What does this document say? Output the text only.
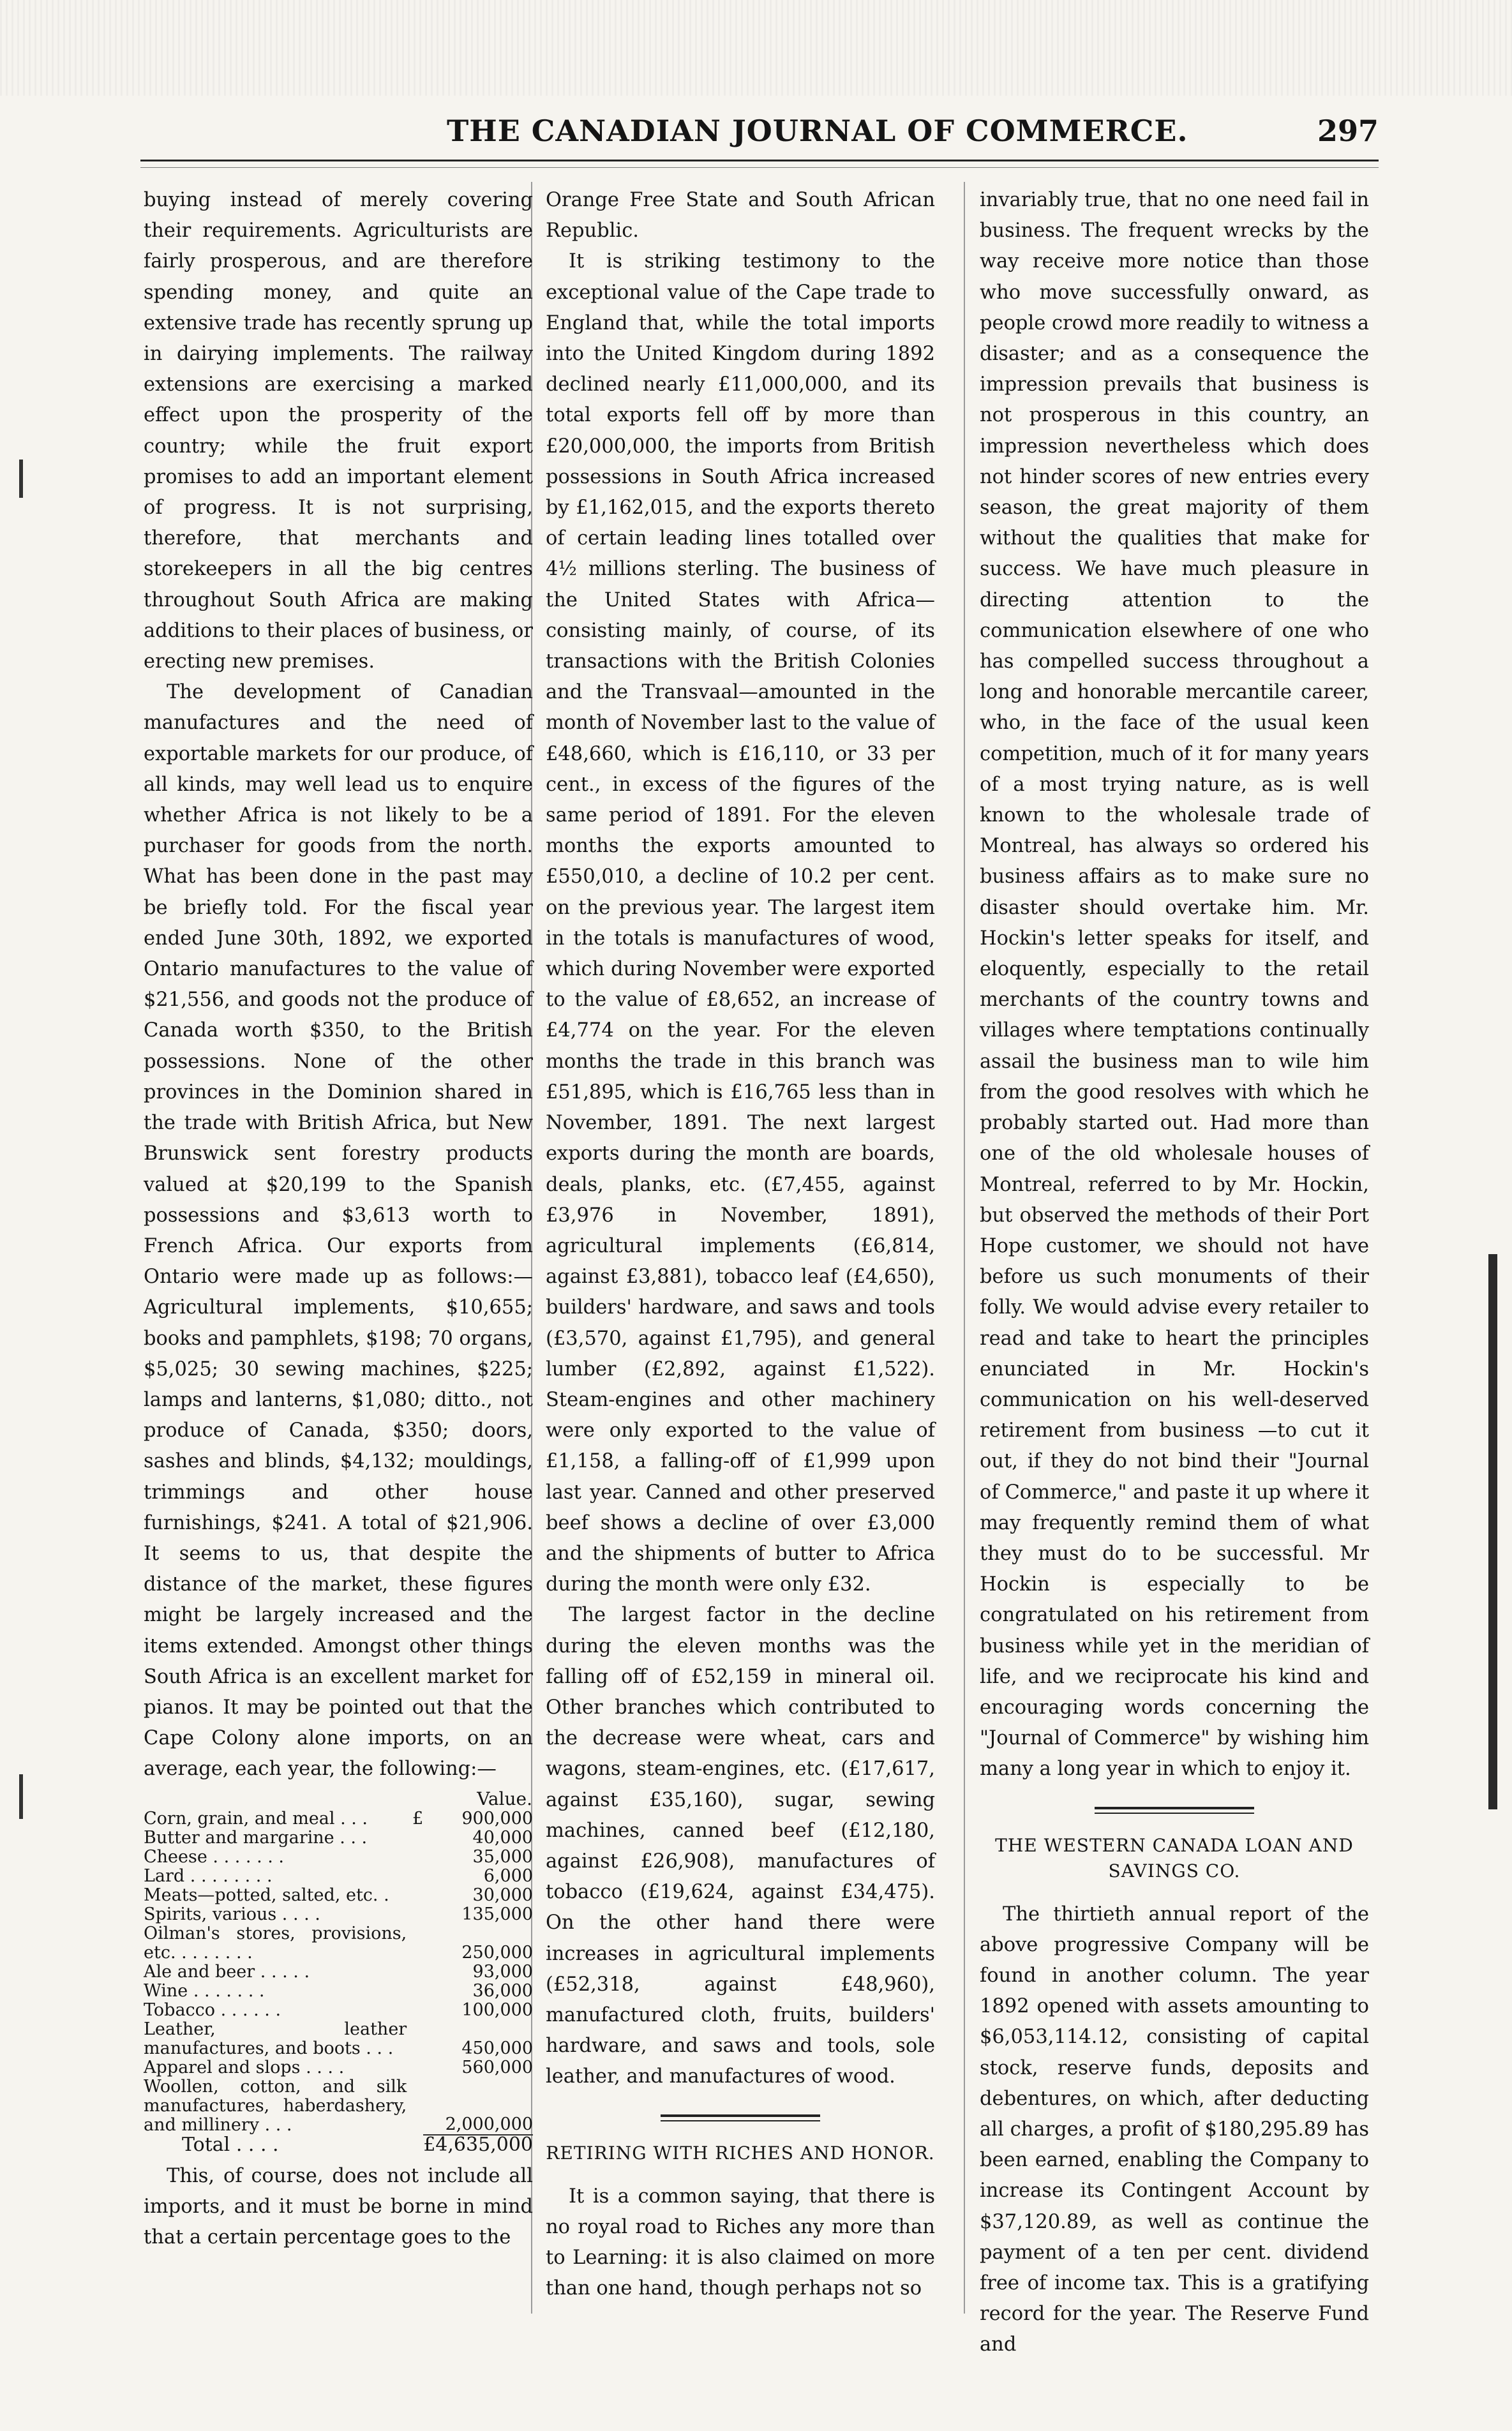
THE CANADIAN JOURNAL OF COMMERCE.	297

buying instead of merely covering their requirements. Agriculturists are fairly prosperous, and are therefore spending money, and quite an extensive trade has recently sprung up in dairying implements. The railway extensions are exercising a marked effect upon the prosperity of the country; while the fruit export promises to add an important element of progress. It is not surprising, therefore, that merchants and storekeepers in all the big centres throughout South Africa are making additions to their places of business, or erecting new premises.

The development of Canadian manufactures and the need of exportable markets for our produce, of all kinds, may well lead us to enquire whether Africa is not likely to be a purchaser for goods from the north. What has been done in the past may be briefly told. For the fiscal year ended June 30th, 1892, we exported Ontario manufactures to the value of $21,556, and goods not the produce of Canada worth $350, to the British possessions. None of the other provinces in the Dominion shared in the trade with British Africa, but New Brunswick sent forestry products valued at $20,199 to the Spanish possessions and $3,613 worth to French Africa. Our exports from Ontario were made up as follows:—Agricultural implements, $10,655; books and pamphlets, $198; 70 organs, $5,025; 30 sewing machines, $225; lamps and lanterns, $1,080; ditto., not produce of Canada, $350; doors, sashes and blinds, $4,132; mouldings, trimmings and other house furnishings, $241. A total of $21,906. It seems to us, that despite the distance of the market, these figures might be largely increased and the items extended. Amongst other things South Africa is an excellent market for pianos. It may be pointed out that the Cape Colony alone imports, on an average, each year, the following:—

		Value.
Corn, grain, and meal . . .	£	900,000
Butter and margarine . . .		40,000
Cheese . . . . . . .		35,000
Lard . . . . . . . .		6,000
Meats—potted, salted, etc. .		30,000
Spirits, various . . . .		135,000
Oilman's stores, provisions, etc. . . . . . . .		250,000
Ale and beer . . . . .		93,000
Wine . . . . . . .		36,000
Tobacco . . . . . .		100,000
Leather, leather manufactures, and boots . . .		450,000
Apparel and slops . . . .		560,000
Woollen, cotton, and silk manufactures, haberdashery, and millinery . . .		2,000,000
Total . . . .		£4,635,000

This, of course, does not include all imports, and it must be borne in mind that a certain percentage goes to the

Orange Free State and South African Republic.

It is striking testimony to the exceptional value of the Cape trade to England that, while the total imports into the United Kingdom during 1892 declined nearly £11,000,000, and its total exports fell off by more than £20,000,000, the imports from British possessions in South Africa increased by £1,162,015, and the exports thereto of certain leading lines totalled over 4½ millions sterling. The business of the United States with Africa—consisting mainly, of course, of its transactions with the British Colonies and the Transvaal—amounted in the month of November last to the value of £48,660, which is £16,110, or 33 per cent., in excess of the figures of the same period of 1891. For the eleven months the exports amounted to £550,010, a decline of 10.2 per cent. on the previous year. The largest item in the totals is manufactures of wood, which during November were exported to the value of £8,652, an increase of £4,774 on the year. For the eleven months the trade in this branch was £51,895, which is £16,765 less than in November, 1891. The next largest exports during the month are boards, deals, planks, etc. (£7,455, against £3,976 in November, 1891), agricultural implements (£6,814, against £3,881), tobacco leaf (£4,650), builders' hardware, and saws and tools (£3,570, against £1,795), and general lumber (£2,892, against £1,522). Steam-engines and other machinery were only exported to the value of £1,158, a falling-off of £1,999 upon last year. Canned and other preserved beef shows a decline of over £3,000 and the shipments of butter to Africa during the month were only £32.

The largest factor in the decline during the eleven months was the falling off of £52,159 in mineral oil. Other branches which contributed to the decrease were wheat, cars and wagons, steam-engines, etc. (£17,617, against £35,160), sugar, sewing machines, canned beef (£12,180, against £26,908), manufactures of tobacco (£19,624, against £34,475). On the other hand there were increases in agricultural implements (£52,318, against £48,960), manufactured cloth, fruits, builders' hardware, and saws and tools, sole leather, and manufactures of wood.

RETIRING WITH RICHES AND HONOR.

It is a common saying, that there is no royal road to Riches any more than to Learning: it is also claimed on more than one hand, though perhaps not so

invariably true, that no one need fail in business. The frequent wrecks by the way receive more notice than those who move successfully onward, as people crowd more readily to witness a disaster; and as a consequence the impression prevails that business is not prosperous in this country, an impression nevertheless which does not hinder scores of new entries every season, the great majority of them without the qualities that make for success. We have much pleasure in directing attention to the communication elsewhere of one who has compelled success throughout a long and honorable mercantile career, who, in the face of the usual keen competition, much of it for many years of a most trying nature, as is well known to the wholesale trade of Montreal, has always so ordered his business affairs as to make sure no disaster should overtake him. Mr. Hockin's letter speaks for itself, and eloquently, especially to the retail merchants of the country towns and villages where temptations continually assail the business man to wile him from the good resolves with which he probably started out. Had more than one of the old wholesale houses of Montreal, referred to by Mr. Hockin, but observed the methods of their Port Hope customer, we should not have before us such monuments of their folly. We would advise every retailer to read and take to heart the principles enunciated in Mr. Hockin's communication on his well-deserved retirement from business —to cut it out, if they do not bind their "Journal of Commerce," and paste it up where it may frequently remind them of what they must do to be successful. Mr Hockin is especially to be congratulated on his retirement from business while yet in the meridian of life, and we reciprocate his kind and encouraging words concerning the "Journal of Commerce" by wishing him many a long year in which to enjoy it.

THE WESTERN CANADA LOAN AND SAVINGS CO.

The thirtieth annual report of the above progressive Company will be found in another column. The year 1892 opened with assets amounting to $6,053,114.12, consisting of capital stock, reserve funds, deposits and debentures, on which, after deducting all charges, a profit of $180,295.89 has been earned, enabling the Company to increase its Contingent Account by $37,120.89, as well as continue the payment of a ten per cent. dividend free of income tax. This is a gratifying record for the year. The Reserve Fund and
